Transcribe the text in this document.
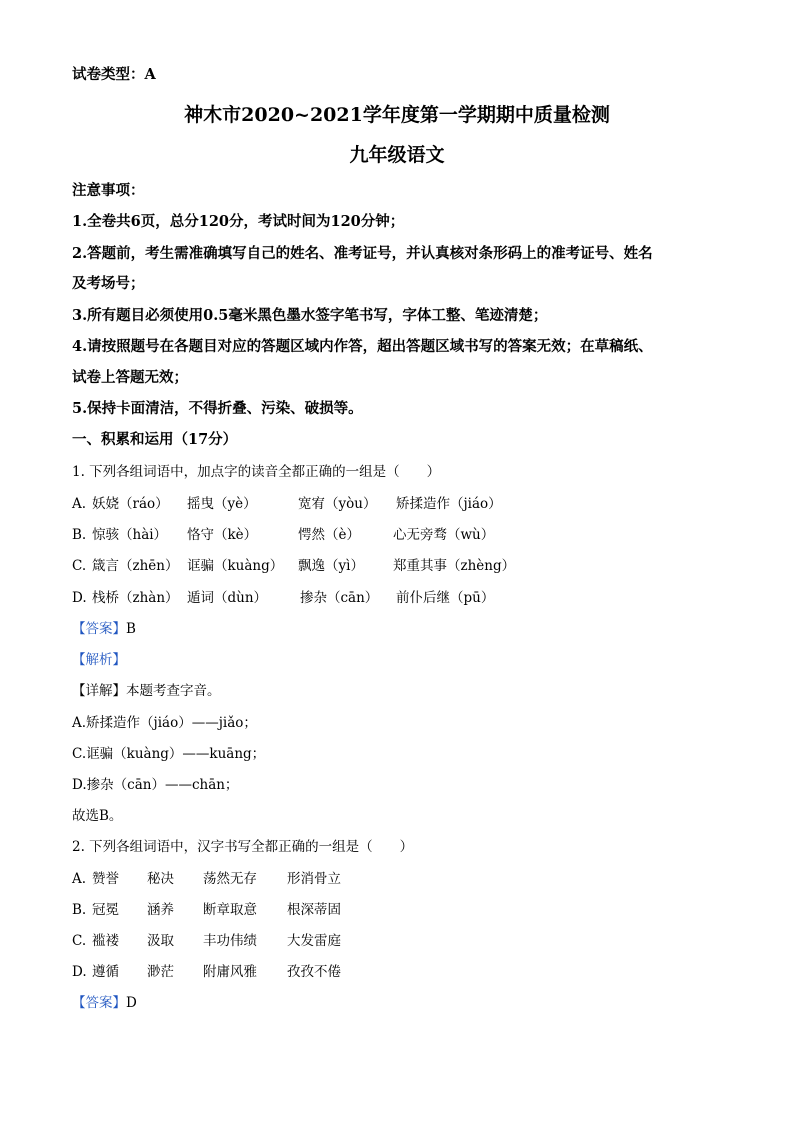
试卷类型：A
神木市2020~2021学年度第一学期期中质量检测
九年级语文
注意事项：
1.全卷共6页，总分120分，考试时间为120分钟；
2.答题前，考生需准确填写自己的姓名、准考证号，并认真核对条形码上的准考证号、姓名
及考场号；
3.所有题目必须使用0.5毫米黑色墨水签字笔书写，字体工整、笔迹清楚；
4.请按照题号在各题目对应的答题区域内作答，超出答题区域书写的答案无效；在草稿纸、
试卷上答题无效；
5.保持卡面清洁，不得折叠、污染、破损等。
一、积累和运用（17分）
1. 下列各组词语中，加点字的读音全都正确的一组是（　　）
A. 妖娆（ráo） 摇曳（yè）	宽宥（yòu） 矫揉造作（jiáo）
B. 惊骇（hài） 恪守（kè）	愕然（è） 心无旁骛（wù）
C. 箴言（zhēn） 诓骗（kuàng） 飘逸（yì） 郑重其事（zhèng）
D. 栈桥（zhàn） 遁词（dùn） 掺杂（cān） 前仆后继（pū）
【答案】B
【解析】
【详解】本题考查字音。
A.矫揉造作（jiáo）——jiǎo；
C.诓骗（kuàng）——kuāng；
D.掺杂（cān）——chān；
故选B。
2. 下列各组词语中，汉字书写全都正确的一组是（　　）
A. 赞誉 秘决 荡然无存 形消骨立
B. 冠冕 涵养 断章取意 根深蒂固
C. 褴褛 汲取 丰功伟绩 大发雷庭
D. 遵循 渺茫 附庸风雅 孜孜不倦
【答案】D
